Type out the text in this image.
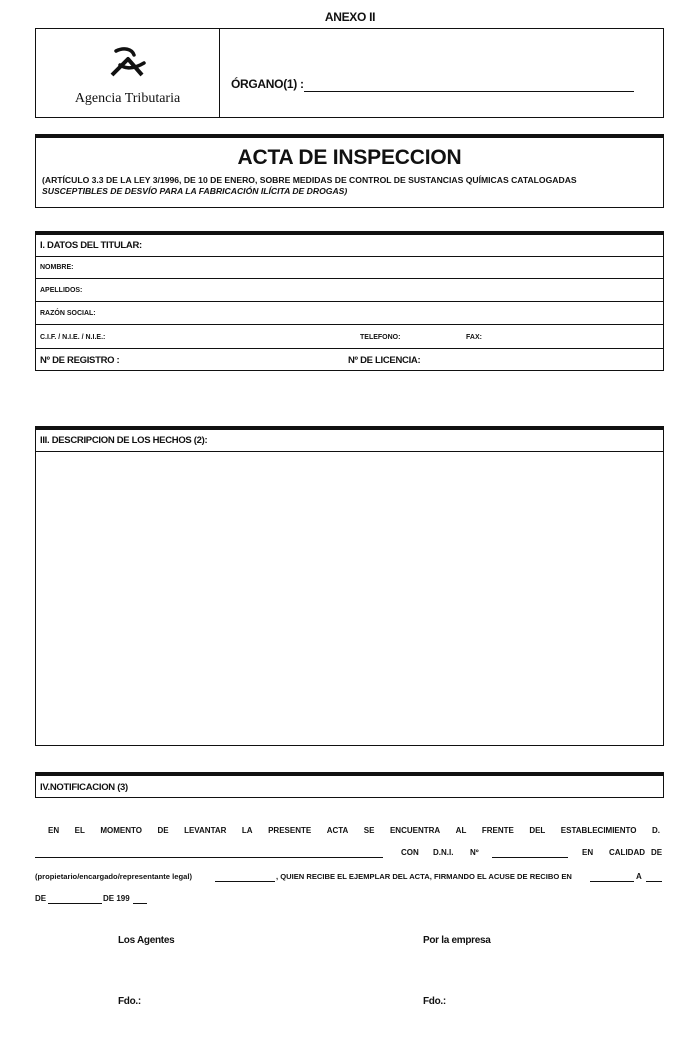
ANEXO II
Agencia Tributaria
ÓRGANO(1) :
ACTA DE INSPECCION
(ARTÍCULO 3.3 DE LA LEY 3/1996, DE 10 DE ENERO, SOBRE MEDIDAS DE CONTROL DE SUSTANCIAS QUÍMICAS CATALOGADAS
SUSCEPTIBLES DE DESVÍO PARA LA FABRICACIÓN ILÍCITA DE DROGAS)
I. DATOS DEL TITULAR:
NOMBRE:
APELLIDOS:
RAZÓN SOCIAL:
C.I.F. / N.I.E. / N.I.E.:	TELEFONO:	FAX:
Nº DE REGISTRO :	Nº DE LICENCIA:
III. DESCRIPCION DE LOS HECHOS (2):
IV.NOTIFICACION (3)
EN EL MOMENTO DE LEVANTAR LA PRESENTE ACTA SE ENCUENTRA AL FRENTE DEL ESTABLECIMIENTO D.
CON D.N.I. Nº	EN CALIDAD DE
(propietario/encargado/representante legal)	, QUIEN RECIBE EL EJEMPLAR DEL ACTA, FIRMANDO EL ACUSE DE RECIBO EN	A
DE	DE 199
Los Agentes	Por la empresa
Fdo.:	Fdo.:
